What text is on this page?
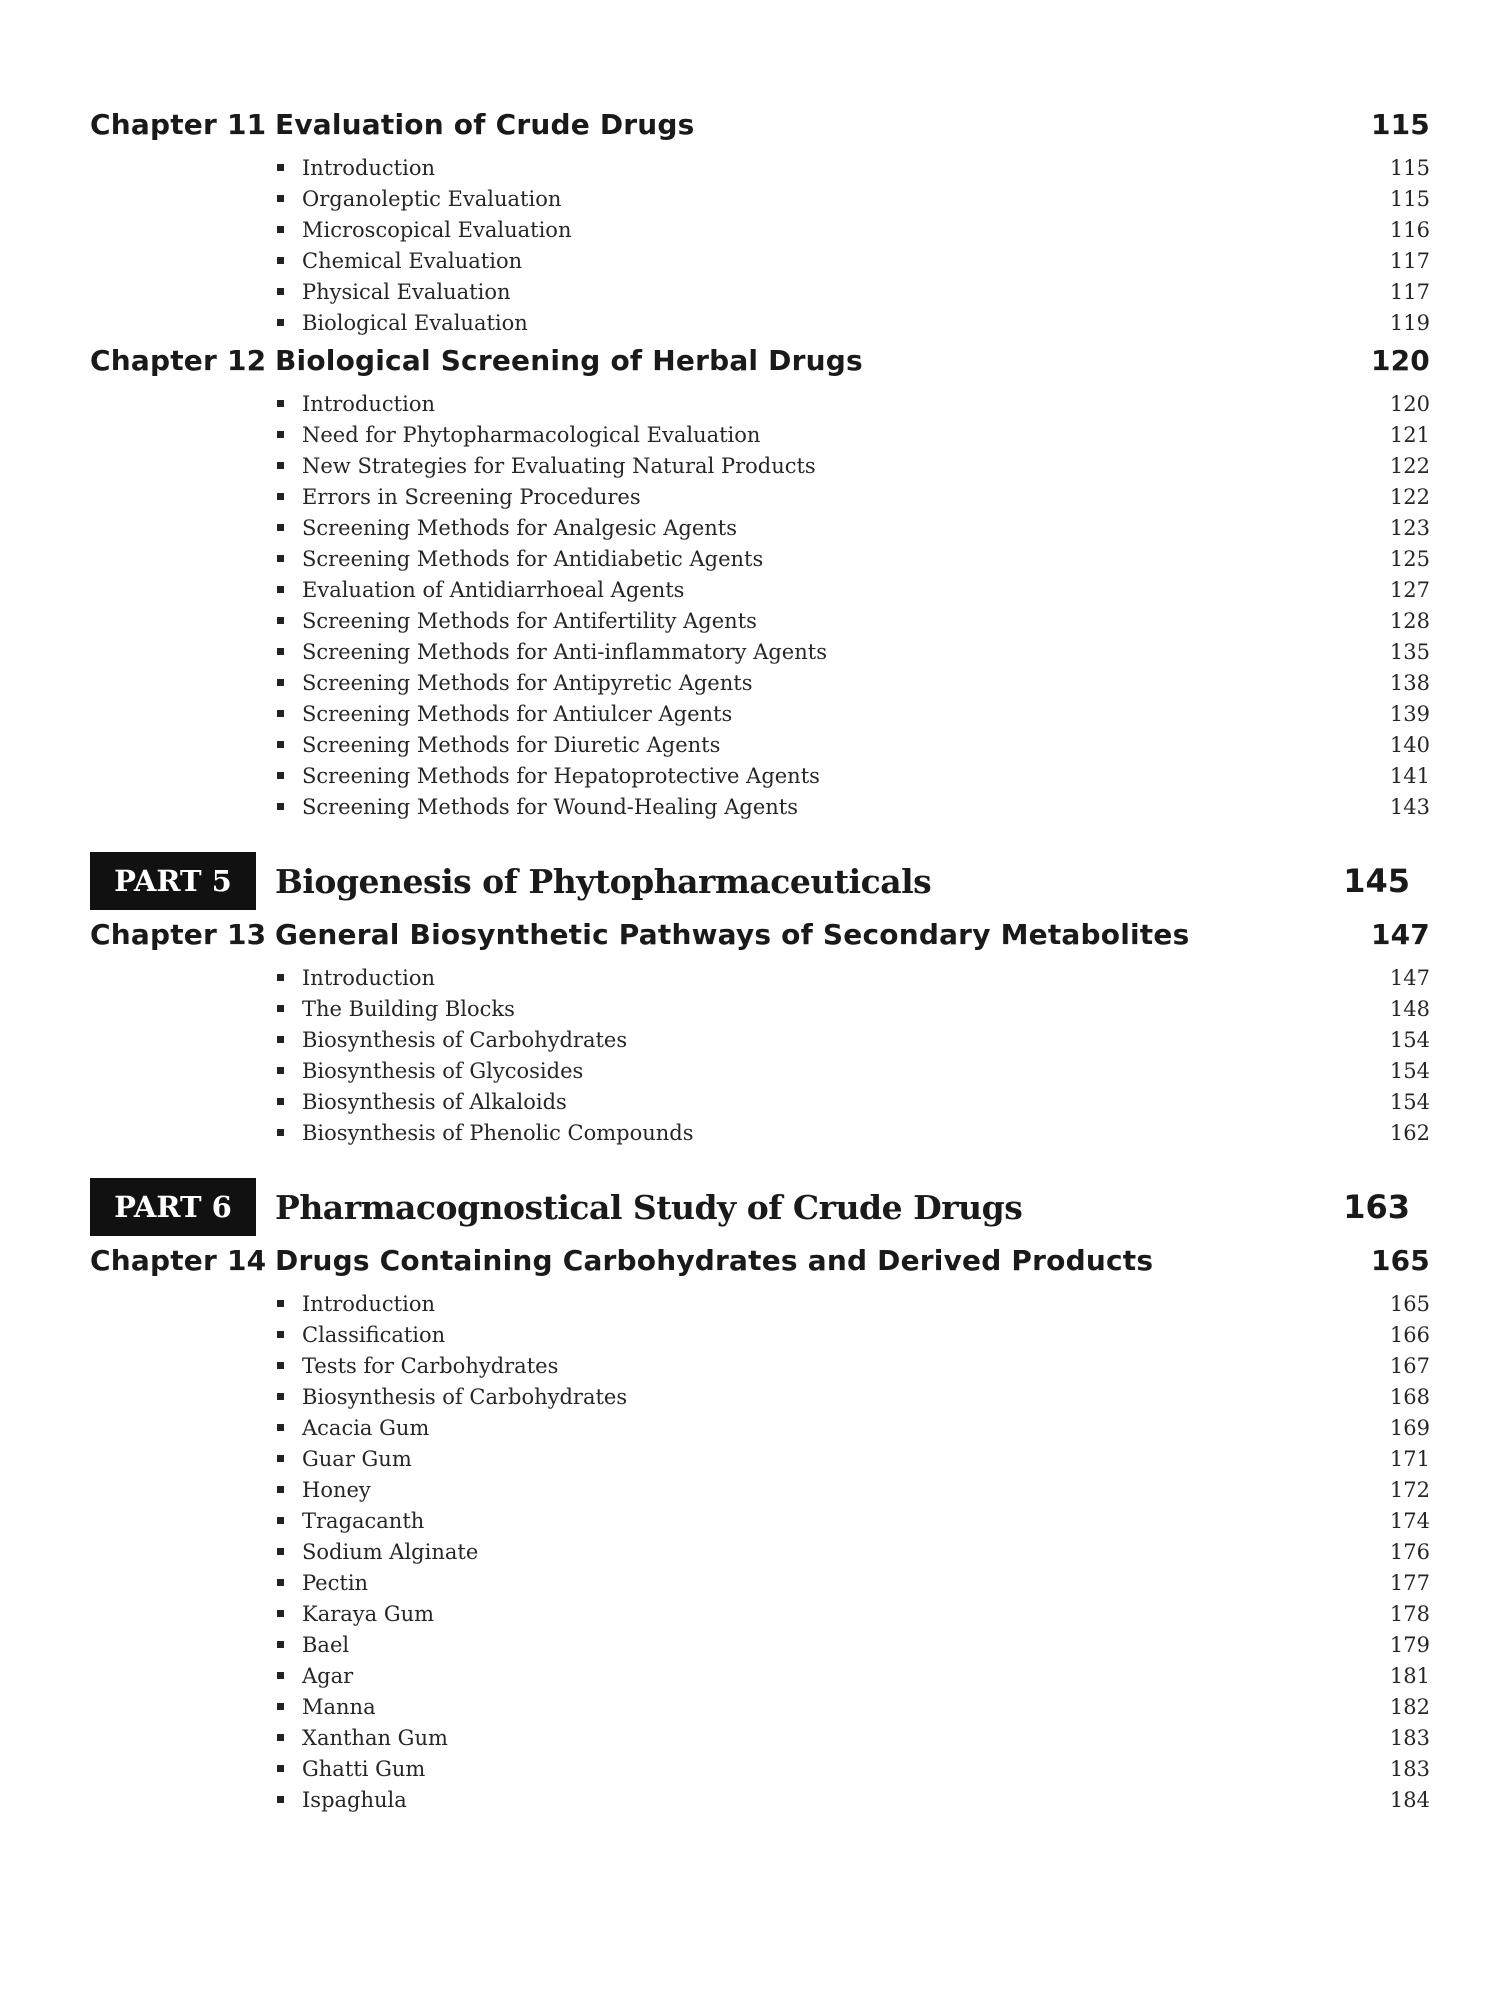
Chapter 11 Evaluation of Crude Drugs	115
Introduction	115
Organoleptic Evaluation	115
Microscopical Evaluation	116
Chemical Evaluation	117
Physical Evaluation	117
Biological Evaluation	119
Chapter 12 Biological Screening of Herbal Drugs	120
Introduction	120
Need for Phytopharmacological Evaluation	121
New Strategies for Evaluating Natural Products	122
Errors in Screening Procedures	122
Screening Methods for Analgesic Agents	123
Screening Methods for Antidiabetic Agents	125
Evaluation of Antidiarrhoeal Agents	127
Screening Methods for Antifertility Agents	128
Screening Methods for Anti-inflammatory Agents	135
Screening Methods for Antipyretic Agents	138
Screening Methods for Antiulcer Agents	139
Screening Methods for Diuretic Agents	140
Screening Methods for Hepatoprotective Agents	141
Screening Methods for Wound-Healing Agents	143
PART 5	Biogenesis of Phytopharmaceuticals	145
Chapter 13 General Biosynthetic Pathways of Secondary Metabolites	147
Introduction	147
The Building Blocks	148
Biosynthesis of Carbohydrates	154
Biosynthesis of Glycosides	154
Biosynthesis of Alkaloids	154
Biosynthesis of Phenolic Compounds	162
PART 6	Pharmacognostical Study of Crude Drugs	163
Chapter 14 Drugs Containing Carbohydrates and Derived Products	165
Introduction	165
Classification	166
Tests for Carbohydrates	167
Biosynthesis of Carbohydrates	168
Acacia Gum	169
Guar Gum	171
Honey	172
Tragacanth	174
Sodium Alginate	176
Pectin	177
Karaya Gum	178
Bael	179
Agar	181
Manna	182
Xanthan Gum	183
Ghatti Gum	183
Ispaghula	184
